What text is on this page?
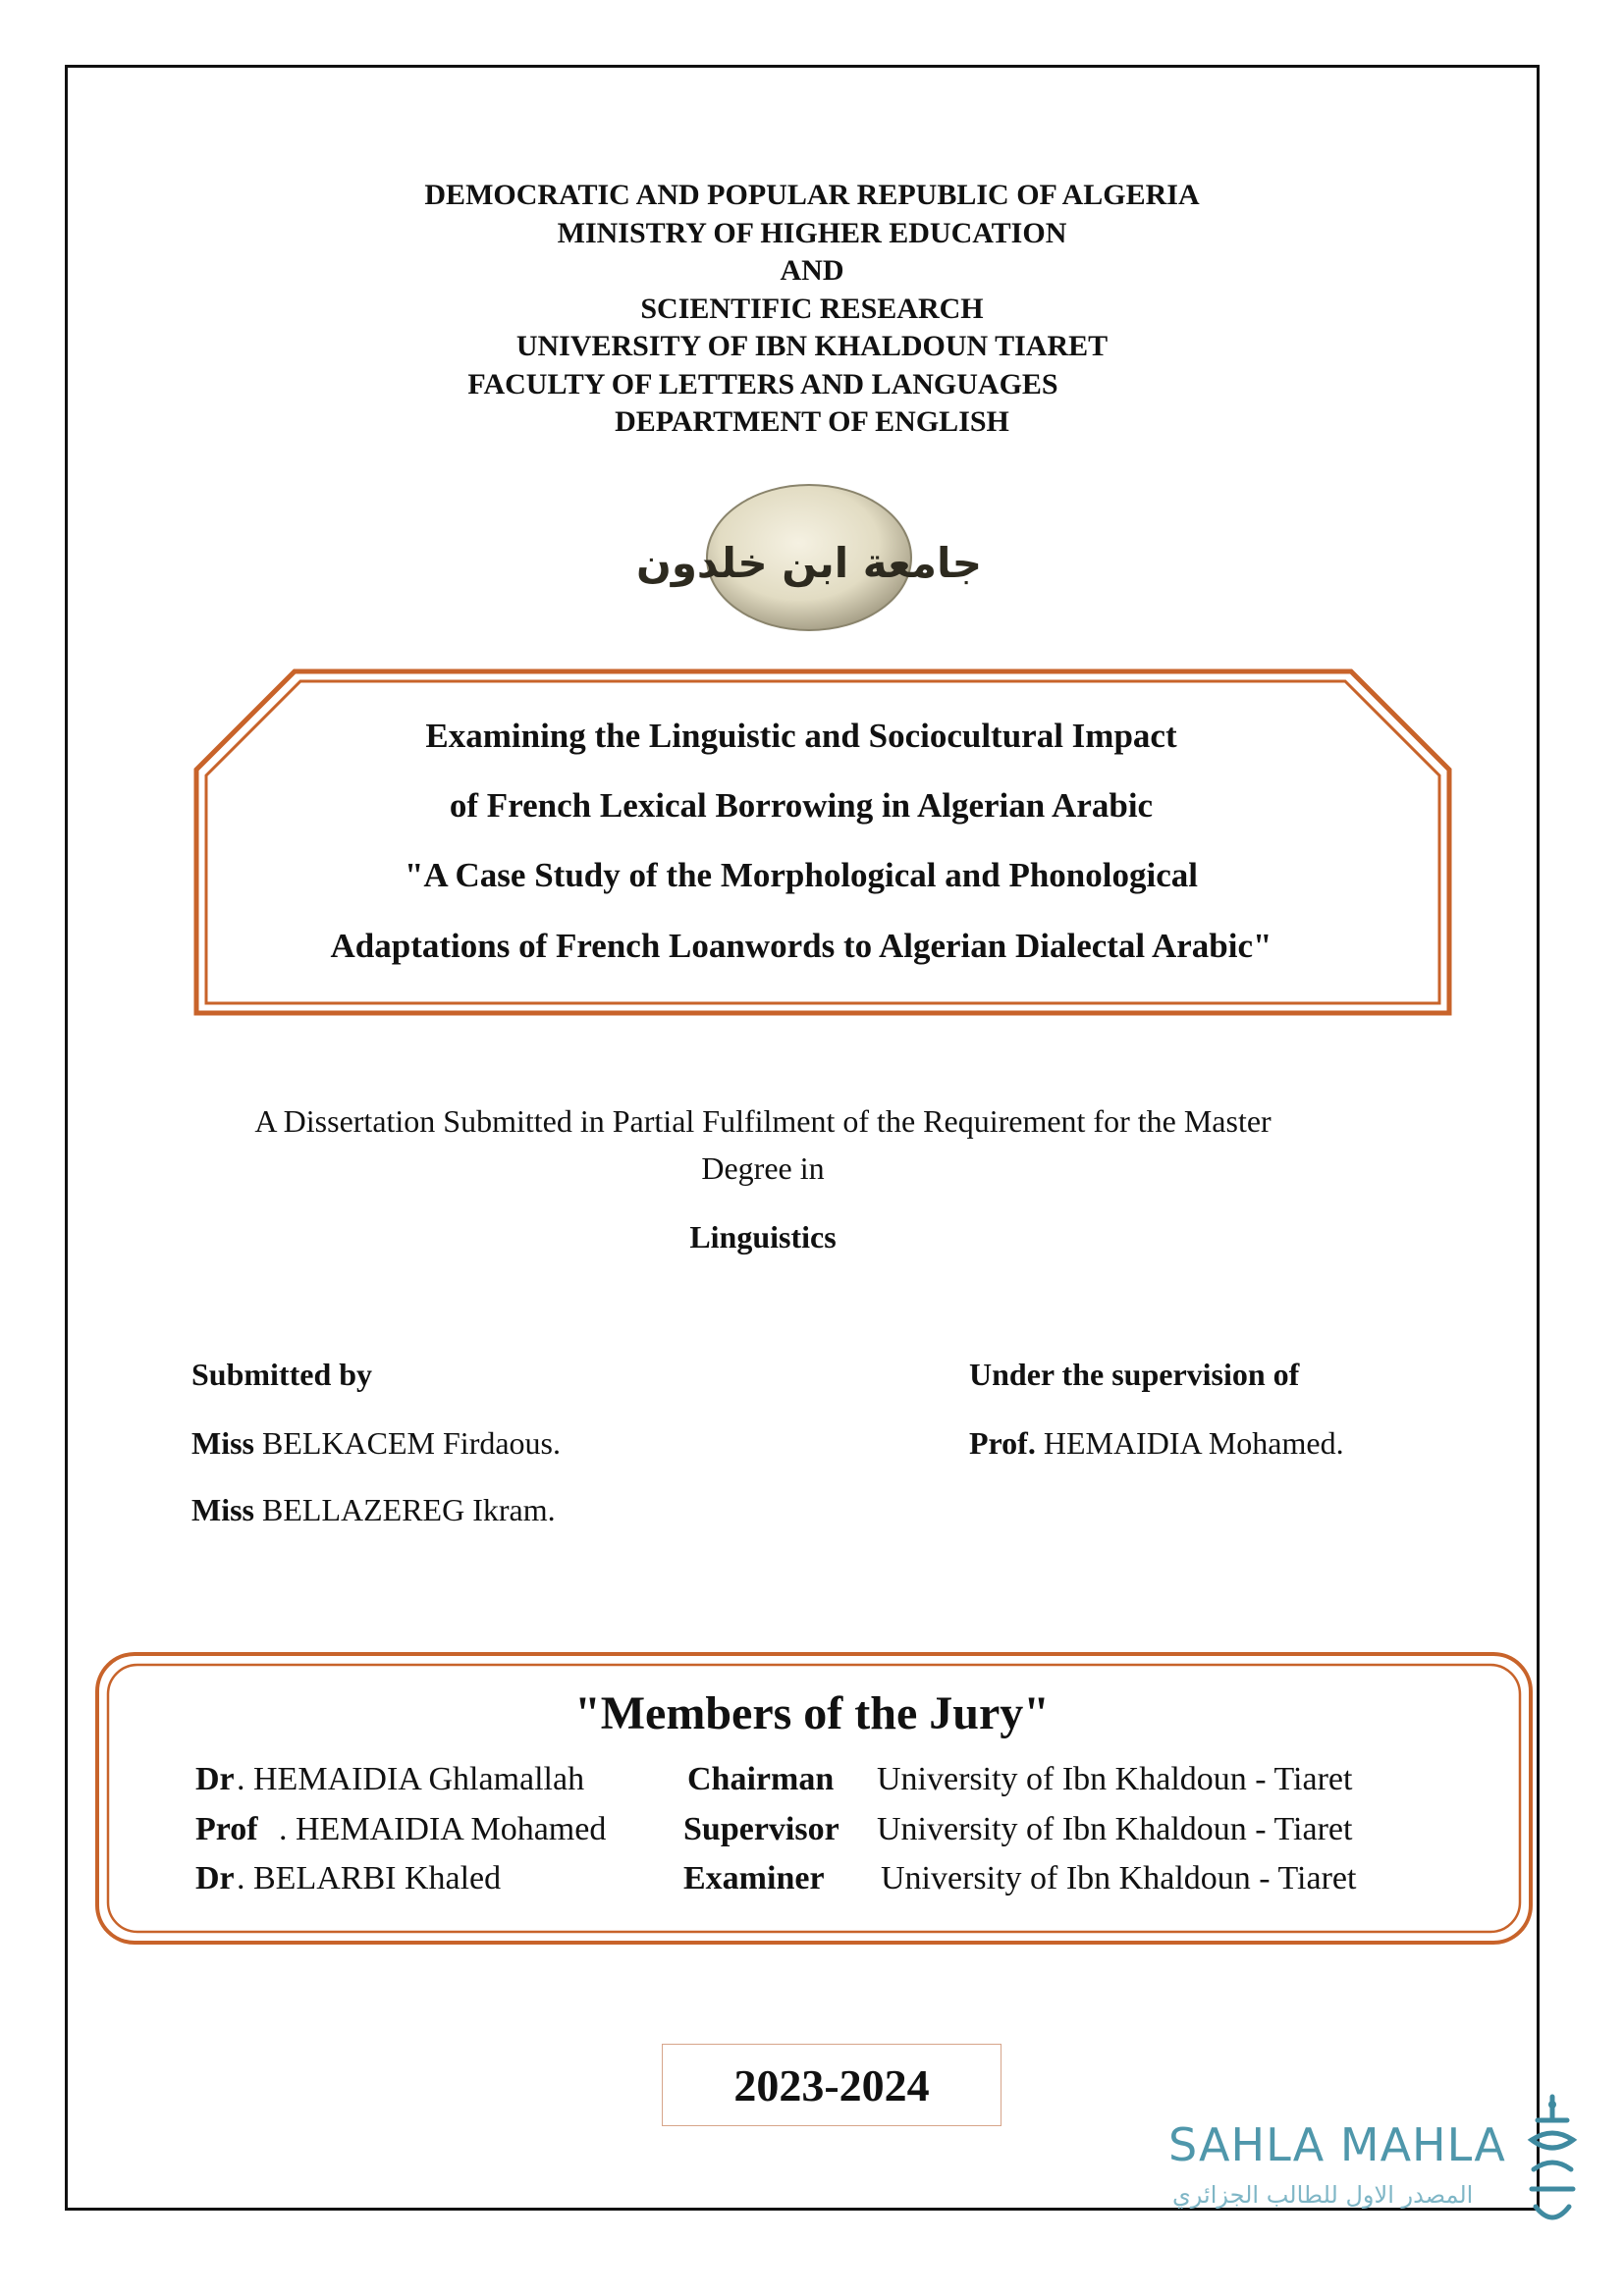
DEMOCRATIC AND POPULAR REPUBLIC OF ALGERIA
MINISTRY OF HIGHER EDUCATION
AND
SCIENTIFIC RESEARCH
UNIVERSITY OF IBN KHALDOUN TIARET
FACULTY OF LETTERS AND LANGUAGES
DEPARTMENT OF ENGLISH
جامعة ابن خلدون
Examining the Linguistic and Sociocultural Impact
of French Lexical Borrowing in Algerian Arabic
"A Case Study of the Morphological and Phonological
Adaptations of French Loanwords to Algerian Dialectal Arabic"
A Dissertation Submitted in Partial Fulfilment of the Requirement for the Master
Degree in
Linguistics
Submitted by
Miss BELKACEM Firdaous.
Miss BELLAZEREG Ikram.
Under the supervision of
Prof. HEMAIDIA Mohamed.
"Members of the Jury"
Dr . HEMAIDIA Ghlamallah	Chairman University of Ibn Khaldoun - Tiaret
Prof . HEMAIDIA Mohamed Supervisor University of Ibn Khaldoun - Tiaret
Dr . BELARBI Khaled	Examiner University of Ibn Khaldoun - Tiaret
2023-2024
SAHLA MAHLA
المصدر الاول للطالب الجزائري
